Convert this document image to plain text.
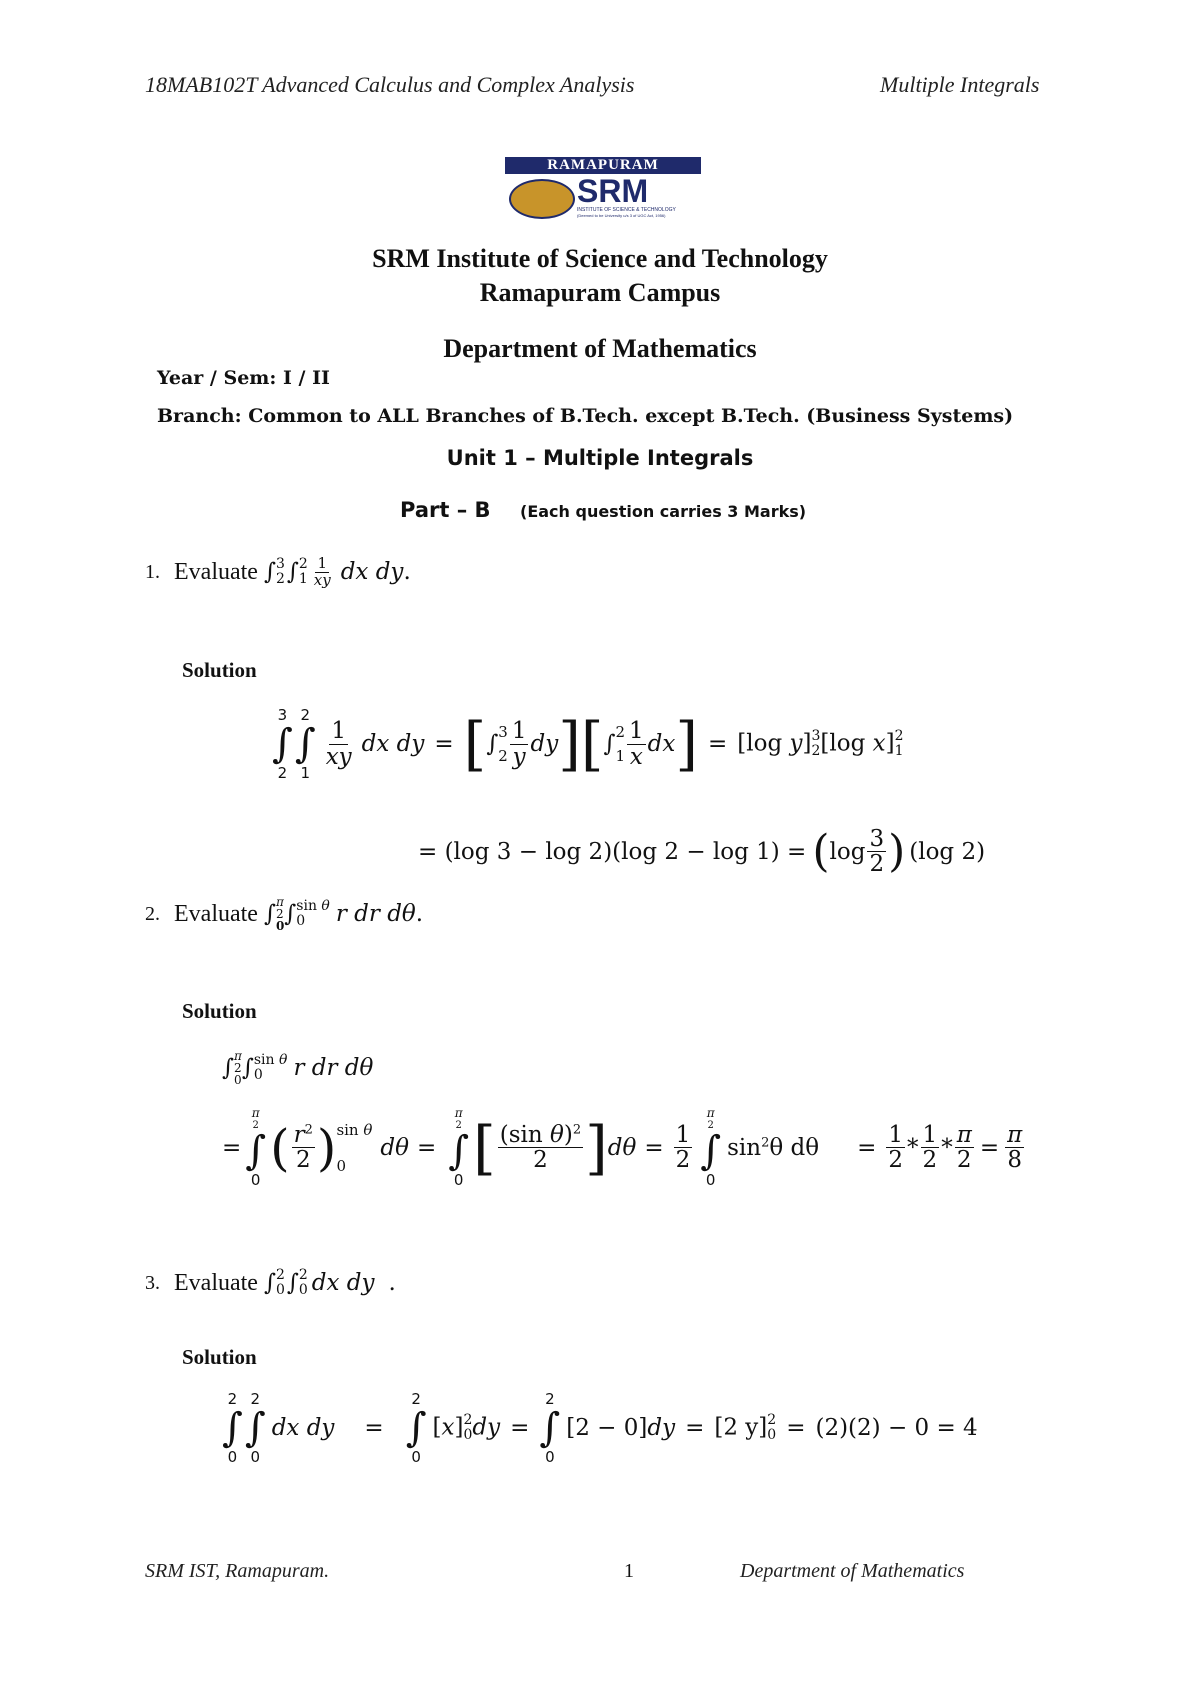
18MAB102T Advanced Calculus and Complex Analysis	Multiple Integrals
RAMAPURAM
SRM
INSTITUTE OF SCIENCE & TECHNOLOGY
(Deemed to be University u/s 3 of UGC Act, 1956)
SRM Institute of Science and Technology
Ramapuram Campus
Department of Mathematics
Year / Sem: I / II
Branch: Common to ALL Branches of B.Tech. except B.Tech. (Business Systems)
Unit 1 – Multiple Integrals
Part – B (Each question carries 3 Marks)
1. Evaluate ∫ 3
2 ∫ 2
$1 \frac{1}{xy}$ dx dy .
Solution
3
∫
2
2
∫
1
$\frac{1}{xy}$ dx dy = [ ∫ 3
$2 \frac{1}{y}$ dy ] [ ∫ 2
$1 \frac{1}{x}$ dx ] = [log y] 3
2 [log x] 2
1
= (log 3 − log 2)(log 2 − log 1) = ( $\log \frac{3}{2}$ ) (log 2)
2. Evaluate ∫ π
2
0 ∫ sin θ
0	r dr dθ .
Solution
∫ π
2
0 ∫ sin θ
0	r dr dθ
=
π
2
∫
0
( $\frac{r^2}{2}$ ) sin θ
0
dθ =
π
2
∫
0 [ $\frac{(\sin \theta)^2}{2}$ ] $d\theta = \frac{1}{2}$
π
2
∫
0
$\sin^2\theta$ $d\theta = \frac{1}{2} * \frac{1}{2} * \frac{\pi}{2} = \frac{\pi}{8}$
3. Evaluate ∫ 2
0 ∫ 2
0 dx dy .
Solution
2
∫
0
2
∫
0
dx dy =
2
∫
0
[x] 2
0 dy =
2
∫
0
[2 − 0]dy = [2 y] 2
0 = (2)(2) − 0 = 4
SRM IST, Ramapuram.	1	Department of Mathematics
